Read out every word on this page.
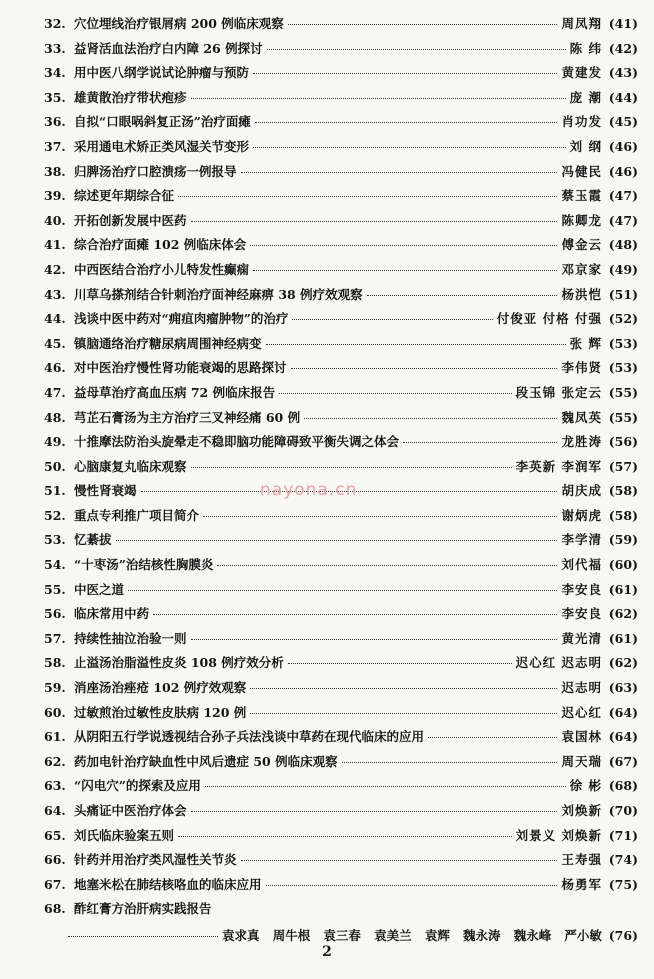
32. 穴位埋线治疗银屑病 200 例临床观察	周凤翔 (41)
33. 益肾活血法治疗白内障 26 例探讨	陈 纬 (42)
34. 用中医八纲学说试论肿瘤与预防	黄建发 (43)
35. 雄黄散治疗带状疱疹	庞 潮 (44)
36. 自拟“口眼㖞斜复正汤”治疗面瘫	肖功发 (45)
37. 采用通电术矫正类风湿关节变形	刘 纲 (46)
38. 归脾汤治疗口腔溃疡一例报导	冯健民 (46)
39. 综述更年期综合征	蔡玉霞 (47)
40. 开拓创新发展中医药	陈卿龙 (47)
41. 综合治疗面瘫 102 例临床体会	傅金云 (48)
42. 中西医结合治疗小儿特发性癫痫	邓京家 (49)
43. 川草乌搽剂结合针刺治疗面神经麻痹 38 例疗效观察	杨洪恺 (51)
44. 浅谈中医中药对“痈疽肉瘤肿物”的治疗	付俊亚 付格 付强 (52)
45. 镇脑通络治疗糖尿病周围神经病变	张 辉 (53)
46. 对中医治疗慢性肾功能衰竭的思路探讨	李伟贤 (53)
47. 益母草治疗高血压病 72 例临床报告	段玉锦 张定云 (55)
48. 芎芷石膏汤为主方治疗三叉神经痛 60 例	魏凤英 (55)
49. 十推摩法防治头旋晕走不稳即脑功能障碍致平衡失调之体会	龙胜涛 (56)
50. 心脑康复丸临床观察	李英新 李润军 (57)
51. 慢性肾衰竭	胡庆成 (58)
52. 重点专利推广项目简介	谢炳虎 (58)
53. 忆綦拔	李学清 (59)
54. “十枣汤”治结核性胸膜炎	刘代福 (60)
55. 中医之道	李安良 (61)
56. 临床常用中药	李安良 (62)
57. 持续性抽泣治验一则	黄光清 (61)
58. 止溢汤治脂溢性皮炎 108 例疗效分析	迟心红 迟志明 (62)
59. 消座汤治痤疮 102 例疗效观察	迟志明 (63)
60. 过敏煎治过敏性皮肤病 120 例	迟心红 (64)
61. 从阴阳五行学说透视结合孙子兵法浅谈中草药在现代临床的应用	袁国林 (64)
62. 药加电针治疗缺血性中风后遗症 50 例临床观察	周天瑞 (67)
63. “闪电穴”的探索及应用	徐 彬 (68)
64. 头痛证中医治疗体会	刘焕新 (70)
65. 刘氏临床验案五则	刘景义 刘焕新 (71)
66. 针药并用治疗类风湿性关节炎	王寿强 (74)
67. 地塞米松在肺结核咯血的临床应用	杨勇军 (75)
68. 酢红膏方治肝病实践报告
袁求真 周牛根 袁三春 袁美兰 袁辉 魏永涛 魏永峰 严小敏 (76)
nayona.cn
2
